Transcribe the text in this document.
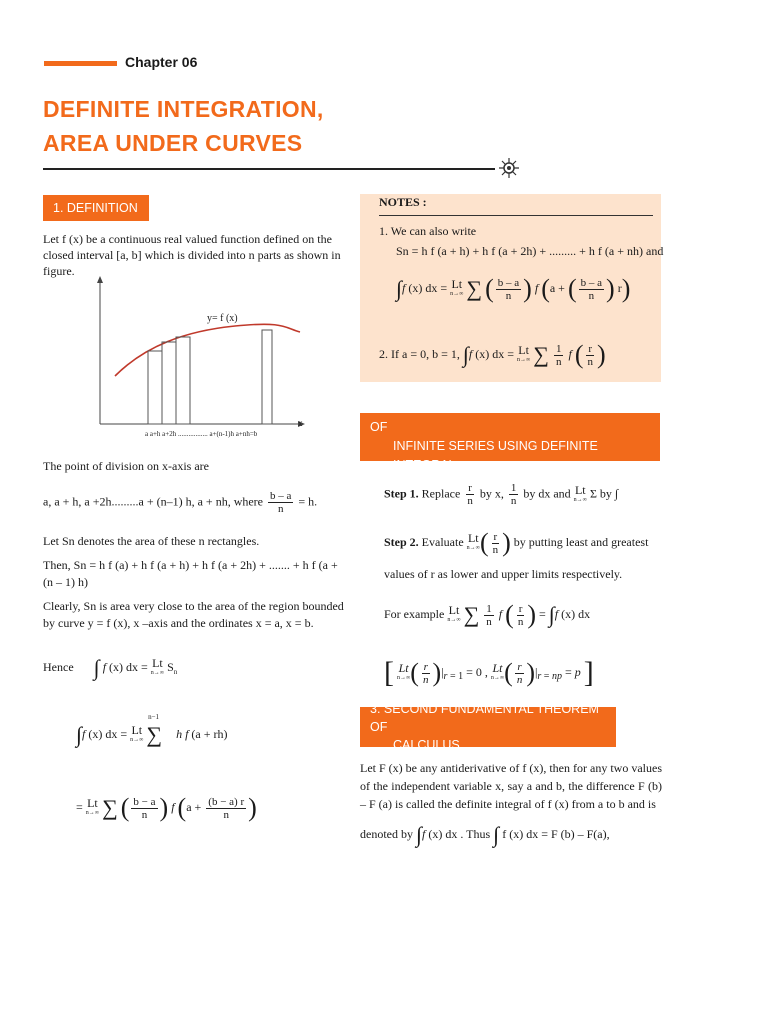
Chapter 06
DEFINITE INTEGRATION,
AREA UNDER CURVES
1. DEFINITION
Let f (x) be a continuous real valued function defined on the closed interval [a, b] which is divided into n parts as shown in figure.
y= f (x)
x
a a+h a+2h ................. a+(n-1)h a+nh=b
The point of division on x-axis are
a, a + h, a +2h.........a + (n–1) h, a + nh, where $\frac{b - a}{n} = h$.
Let Sn denotes the area of these n rectangles.
Then, Sn = h f (a) + h f (a + h) + h f (a + 2h) + ....... + h f (a + (n – 1) h)
Clearly, Sn is area very close to the area of the region bounded by curve y = f (x), x –axis and the ordinates x = a, x = b.
Hence ∫ f (x) dx = Lt
n→∞ $S_n$
∫f (x) dx = Lt
n→∞ ∑$^{n-1}$ h f (a + rh)
= Lt
n→∞ ∑ ( $\frac{b - a}{n}$ ) f ($a + \frac{(b - a) r}{n}$ )
NOTES :
1. We can also write
Sn = h f (a + h) + h f (a + 2h) + ......... + h f (a + nh) and
∫f (x) dx = Lt
n→∞ ∑ ( $\frac{b - a}{n}$ ) f (a + ( $\frac{b - a}{n}$ ) r)
2. If a = 0, b = 1, ∫f (x) dx = Lt
n→∞ ∑ $\frac{1}{n}$ f ( $\frac{r}{n}$ )
2. DEFINITE INTEGRAL AS LIMIT OF SUM/SUM OF
INFINITE SERIES USING DEFINITE INTEGRAL
Step 1. Replace $\frac{r}{n}$ by x, $\frac{1}{n}$ by dx and Lt
n→∞ Σ by ∫
Step 2. Evaluate Lt
n→∞ ( $\frac{r}{n}$ ) by putting least and greatest
values of r as lower and upper limits respectively.
For example Lt
n→∞ ∑ $\frac{1}{n}$ f ( $\frac{r}{n}$ ) = ∫f (x) dx
[ Lt
n→∞ ( $\frac{r}{n} )|_{r = 1} = 0$ , Lt
n→∞ ( $\frac{r}{n} )|_{r = np} = p$ ]
3. SECOND FUNDAMENTAL THEOREM OF
CALCULUS
Let F (x) be any antiderivative of f (x), then for any two values of the independent variable x, say a and b, the difference F (b) – F (a) is called the definite integral of f (x) from a to b and is
denoted by ∫f (x) dx . Thus ∫ f (x) dx = F (b) – F(a),
